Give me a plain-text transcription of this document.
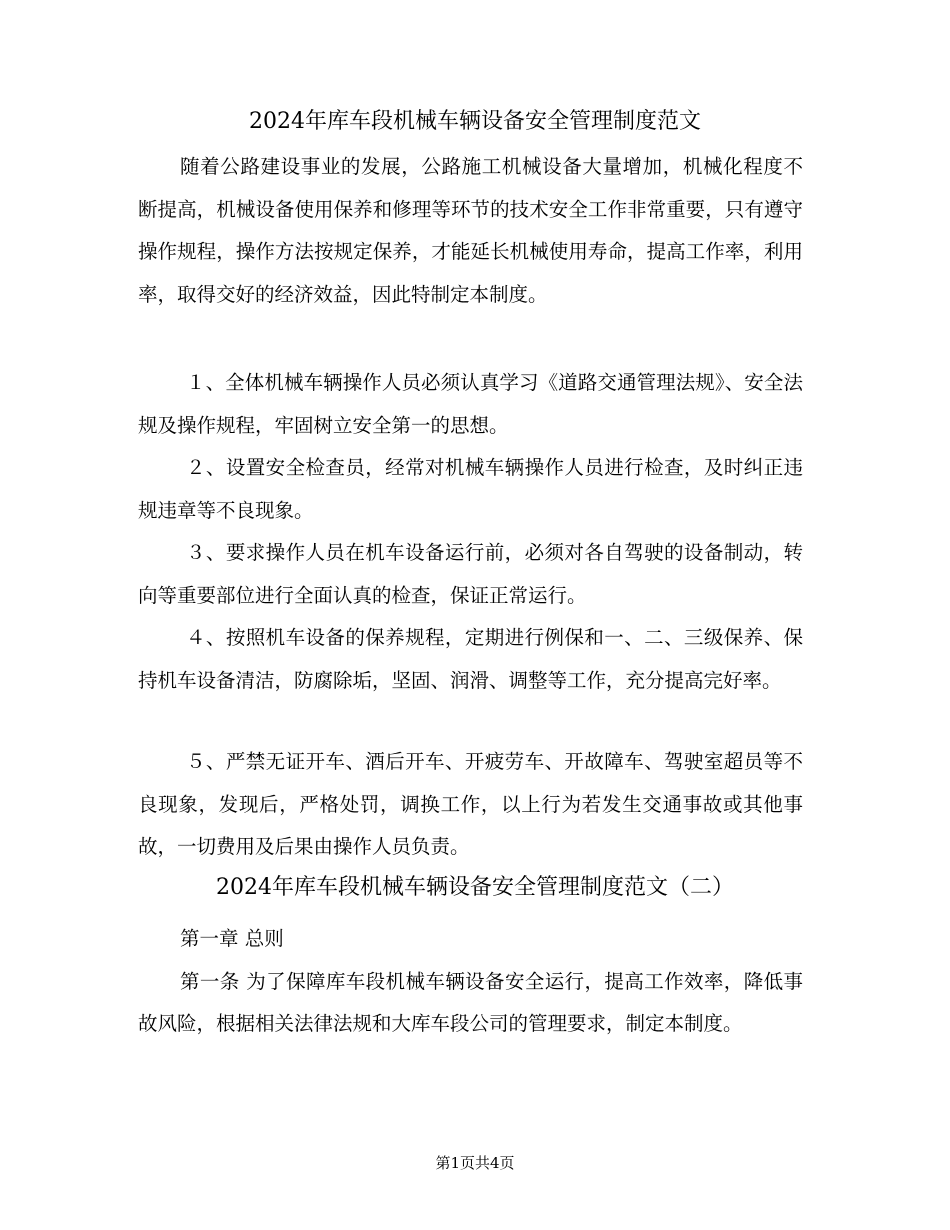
2024年库车段机械车辆设备安全管理制度范文

随着公路建设事业的发展，公路施工机械设备大量增加，机械化程度不断提高，机械设备使用保养和修理等环节的技术安全工作非常重要，只有遵守操作规程，操作方法按规定保养，才能延长机械使用寿命，提高工作率，利用率，取得交好的经济效益，因此特制定本制度。

１、全体机械车辆操作人员必须认真学习《道路交通管理法规》、安全法规及操作规程，牢固树立安全第一的思想。

２、设置安全检查员，经常对机械车辆操作人员进行检查，及时纠正违规违章等不良现象。

３、要求操作人员在机车设备运行前，必须对各自驾驶的设备制动，转向等重要部位进行全面认真的检查，保证正常运行。

４、按照机车设备的保养规程，定期进行例保和一、二、三级保养、保持机车设备清洁，防腐除垢，坚固、润滑、调整等工作，充分提高完好率。

５、严禁无证开车、酒后开车、开疲劳车、开故障车、驾驶室超员等不良现象，发现后，严格处罚，调换工作，以上行为若发生交通事故或其他事故，一切费用及后果由操作人员负责。

2024年库车段机械车辆设备安全管理制度范文（二）

第一章 总则

第一条 为了保障库车段机械车辆设备安全运行，提高工作效率，降低事故风险，根据相关法律法规和大库车段公司的管理要求，制定本制度。

第1页共4页
